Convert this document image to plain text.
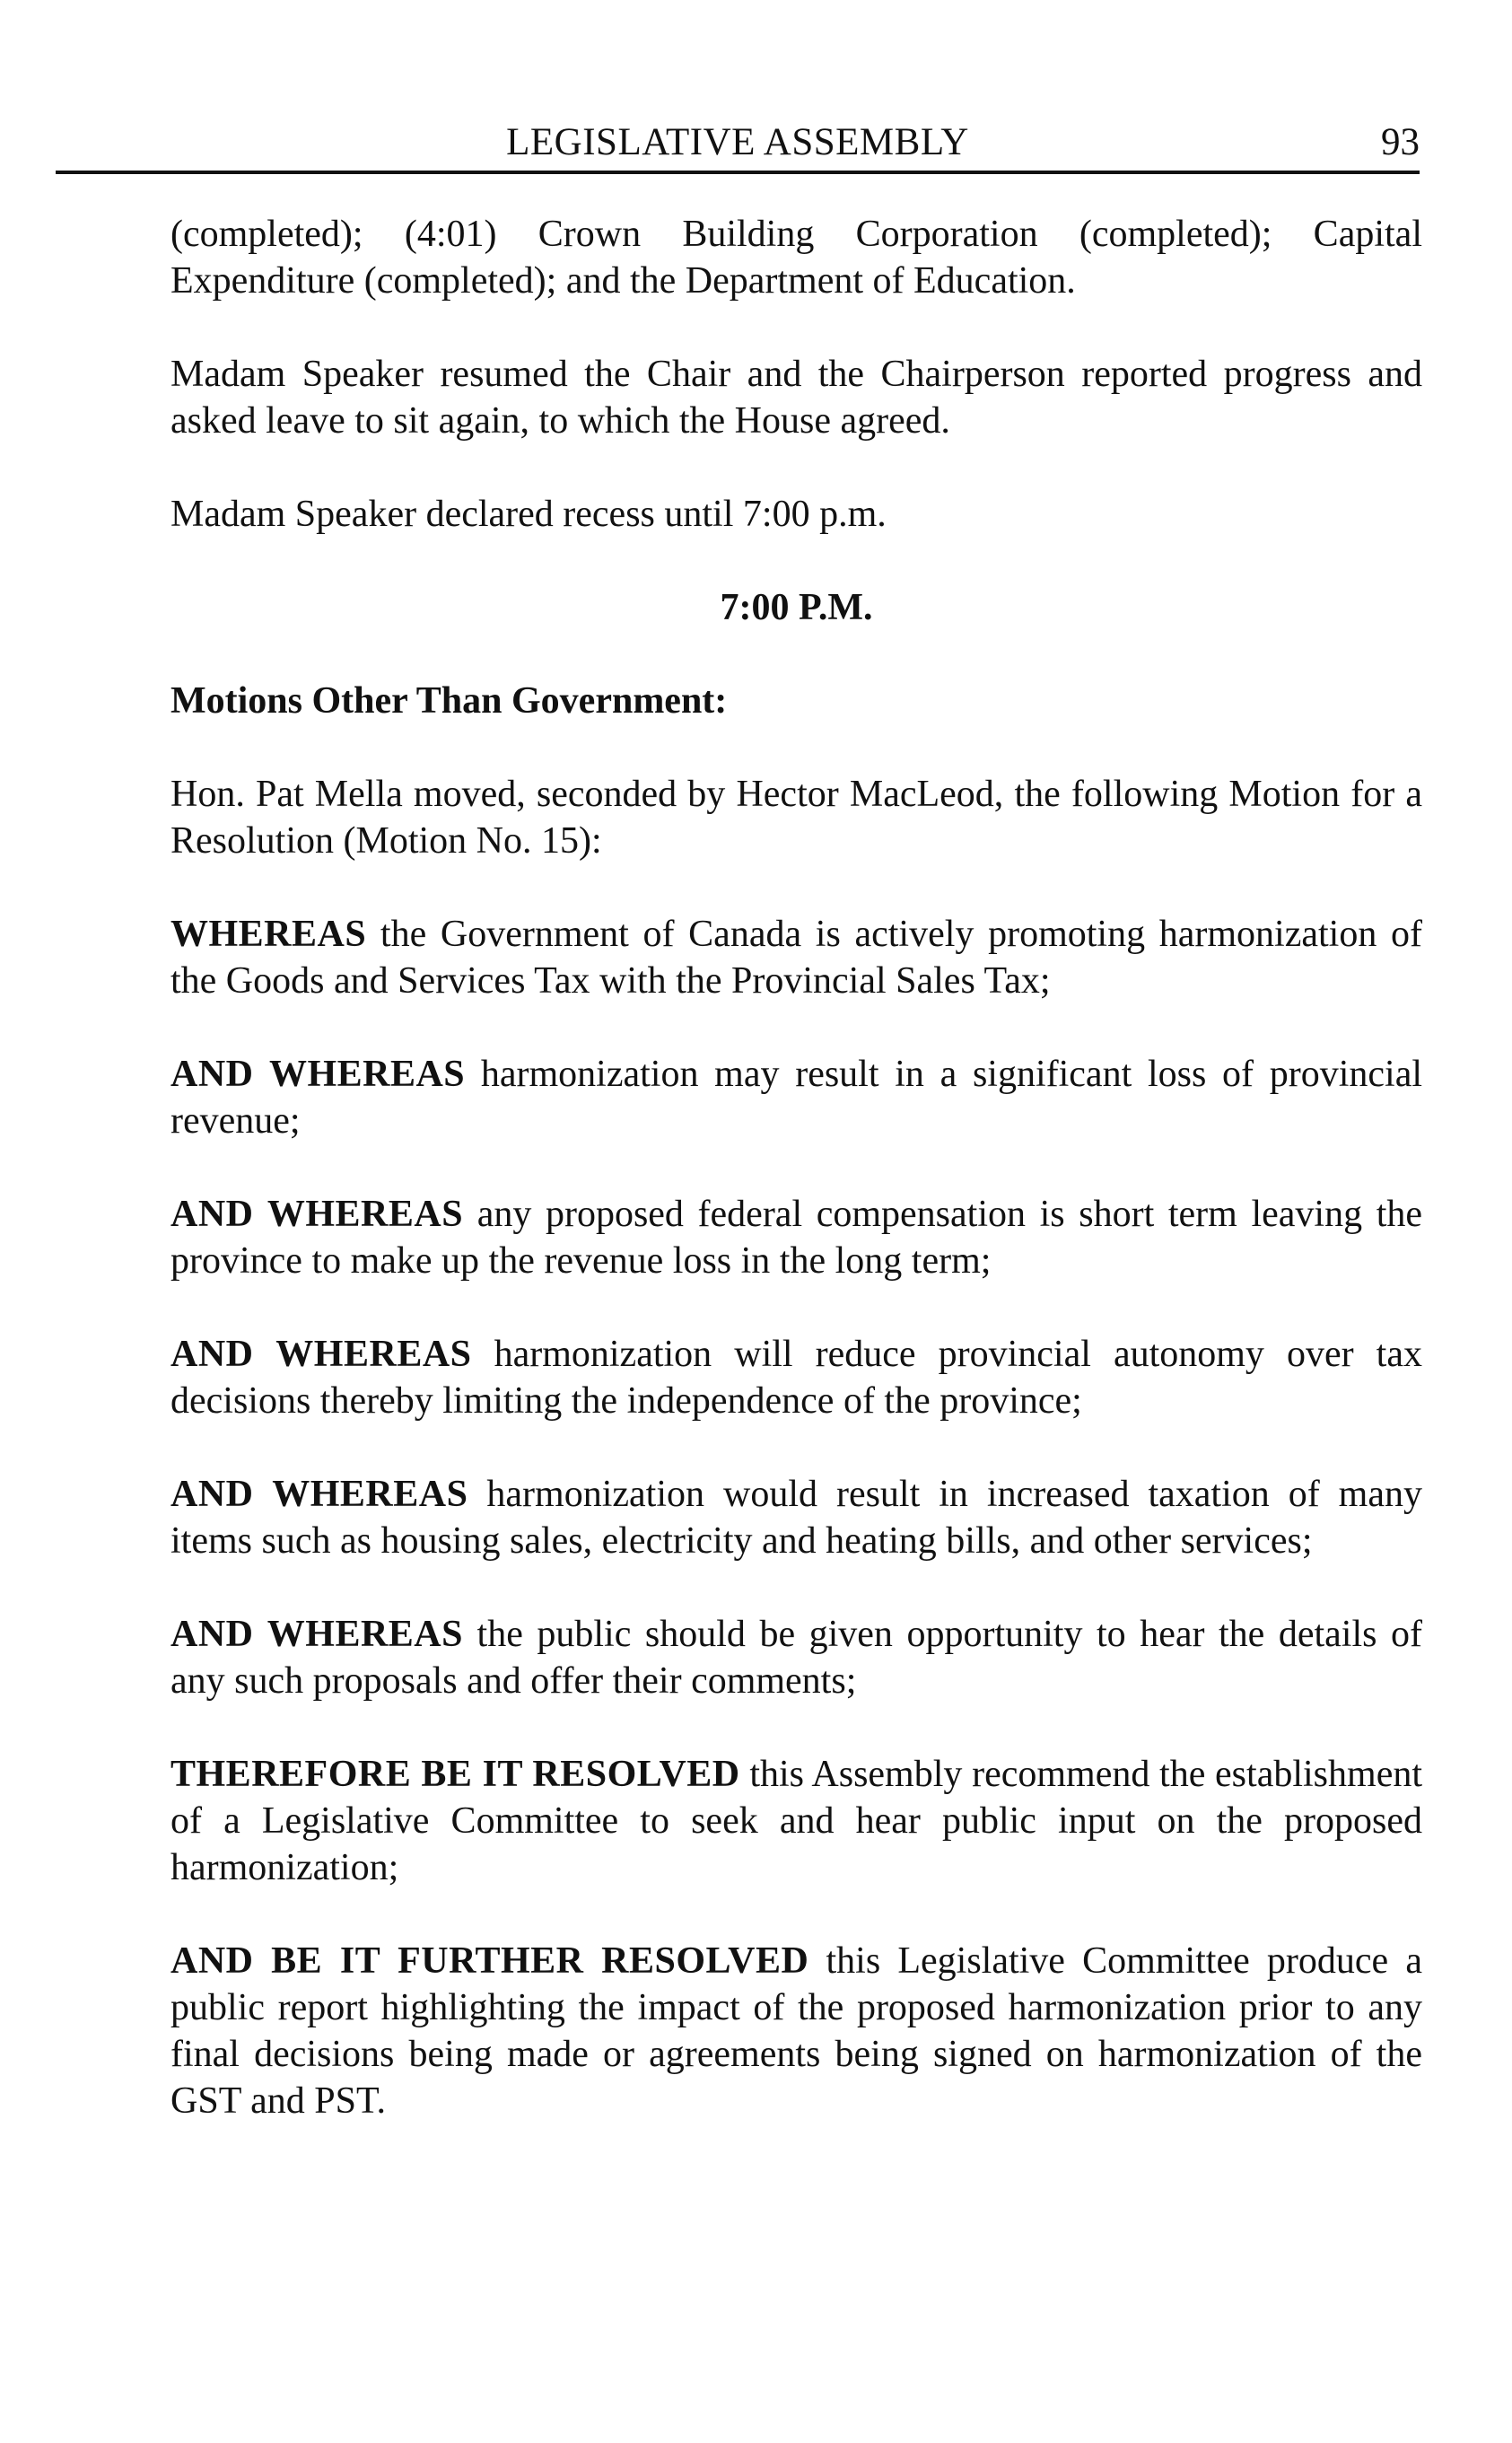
LEGISLATIVE ASSEMBLY	93

(completed); (4:01) Crown Building Corporation (completed); Capital Expenditure (completed); and the Department of Education.

Madam Speaker resumed the Chair and the Chairperson reported progress and asked leave to sit again, to which the House agreed.

Madam Speaker declared recess until 7:00 p.m.

7:00 P.M.

Motions Other Than Government:

Hon. Pat Mella moved, seconded by Hector MacLeod, the following Motion for a Resolution (Motion No. 15):

WHEREAS the Government of Canada is actively promoting harmonization of the Goods and Services Tax with the Provincial Sales Tax;

AND WHEREAS harmonization may result in a significant loss of provincial revenue;

AND WHEREAS any proposed federal compensation is short term leaving the province to make up the revenue loss in the long term;

AND WHEREAS harmonization will reduce provincial autonomy over tax decisions thereby limiting the independence of the province;

AND WHEREAS harmonization would result in increased taxation of many items such as housing sales, electricity and heating bills, and other services;

AND WHEREAS the public should be given opportunity to hear the details of any such proposals and offer their comments;

THEREFORE BE IT RESOLVED this Assembly recommend the establishment of a Legislative Committee to seek and hear public input on the proposed harmonization;

AND BE IT FURTHER RESOLVED this Legislative Committee produce a public report highlighting the impact of the proposed harmonization prior to any final decisions being made or agreements being signed on harmonization of the GST and PST.
